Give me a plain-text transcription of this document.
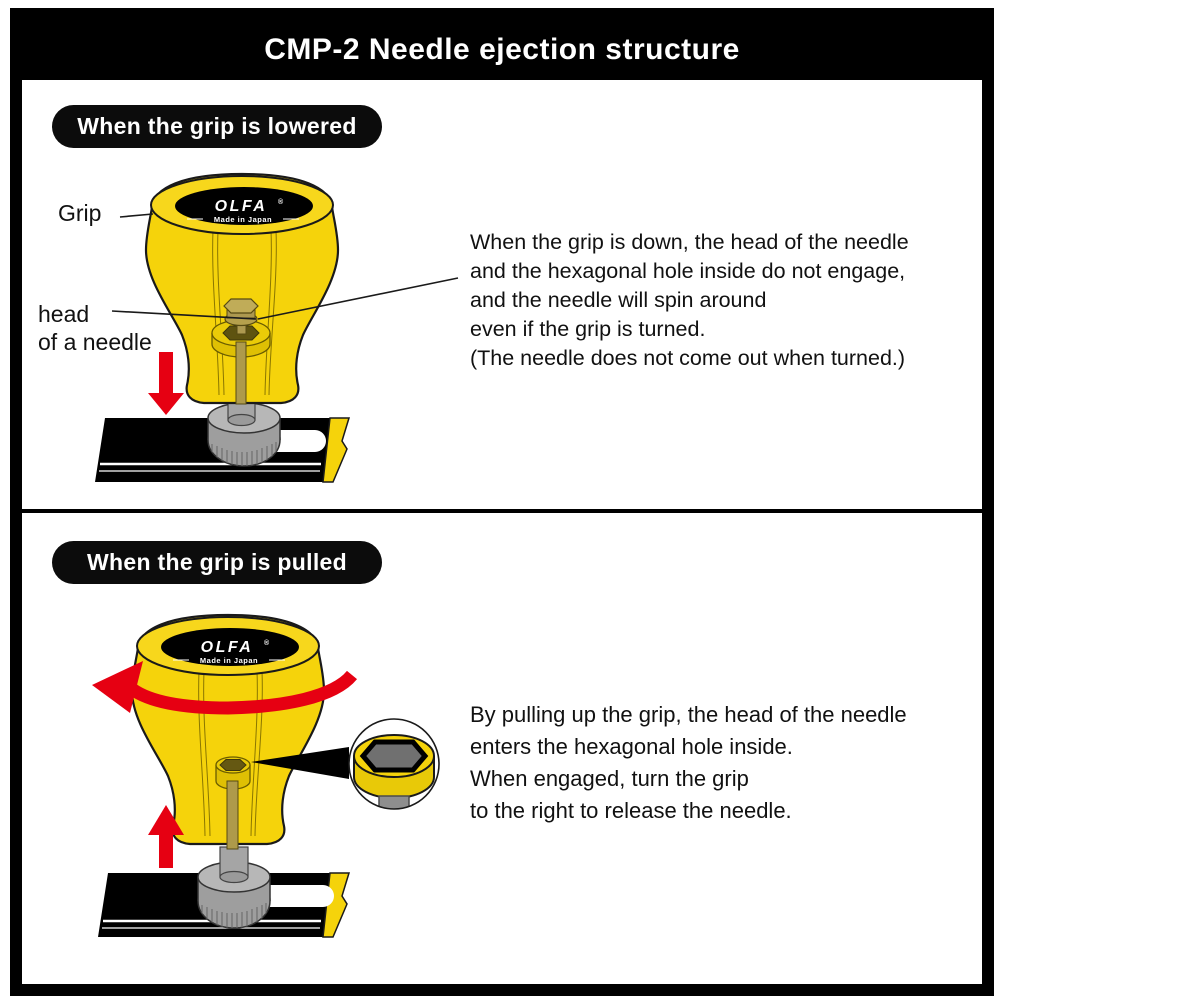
CMP-2 Needle ejection structure
OLFA ®
Made in Japan
When the grip is lowered
Grip
head
of a needle
When the grip is down, the head of the needle
and the hexagonal hole inside do not engage,
and the needle will spin around
even if the grip is turned.
(The needle does not come out when turned.)
OLFA ®
Made in Japan
When the grip is pulled
By pulling up the grip, the head of the needle
enters the hexagonal hole inside.
When engaged, turn the grip
to the right to release the needle.
